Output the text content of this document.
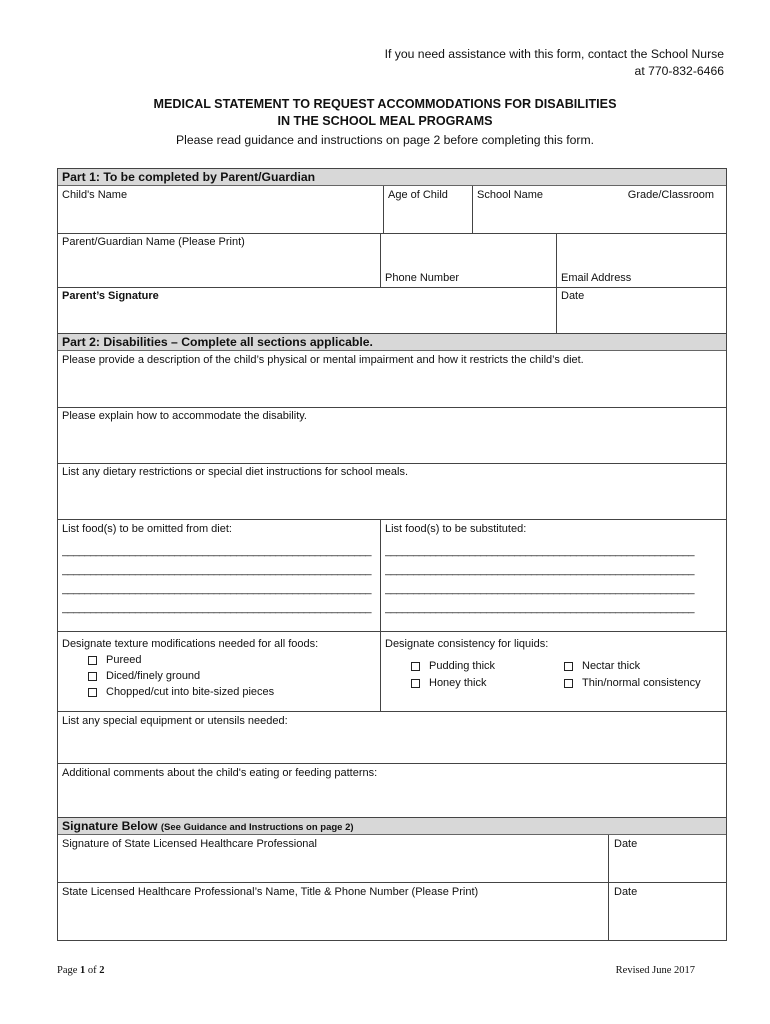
If you need assistance with this form, contact the School Nurse
at 770-832-6466
MEDICAL STATEMENT TO REQUEST ACCOMMODATIONS FOR DISABILITIES
IN THE SCHOOL MEAL PROGRAMS
Please read guidance and instructions on page 2 before completing this form.
Part 1: To be completed by Parent/Guardian
Child's Name	Age of Child	School Name	Grade/Classroom
Parent/Guardian Name (Please Print)
Phone Number	Email Address
Parent’s Signature	Date
Part 2: Disabilities – Complete all sections applicable.
Please provide a description of the child’s physical or mental impairment and how it restricts the child’s diet.
Please explain how to accommodate the disability.
List any dietary restrictions or special diet instructions for school meals.
List food(s) to be omitted from diet:
_______________________________________________________
_______________________________________________________
_______________________________________________________
_______________________________________________________
List food(s) to be substituted:
_______________________________________________________
_______________________________________________________
_______________________________________________________
_______________________________________________________
Designate texture modifications needed for all foods:
Pureed
Diced/finely ground
Chopped/cut into bite-sized pieces
Designate consistency for liquids:
Pudding thick
Honey thick
Nectar thick
Thin/normal consistency
List any special equipment or utensils needed:
Additional comments about the child's eating or feeding patterns:
Signature Below (See Guidance and Instructions on page 2)
Signature of State Licensed Healthcare Professional	Date
State Licensed Healthcare Professional’s Name, Title & Phone Number (Please Print)	Date
Page 1 of 2	Revised June 2017
